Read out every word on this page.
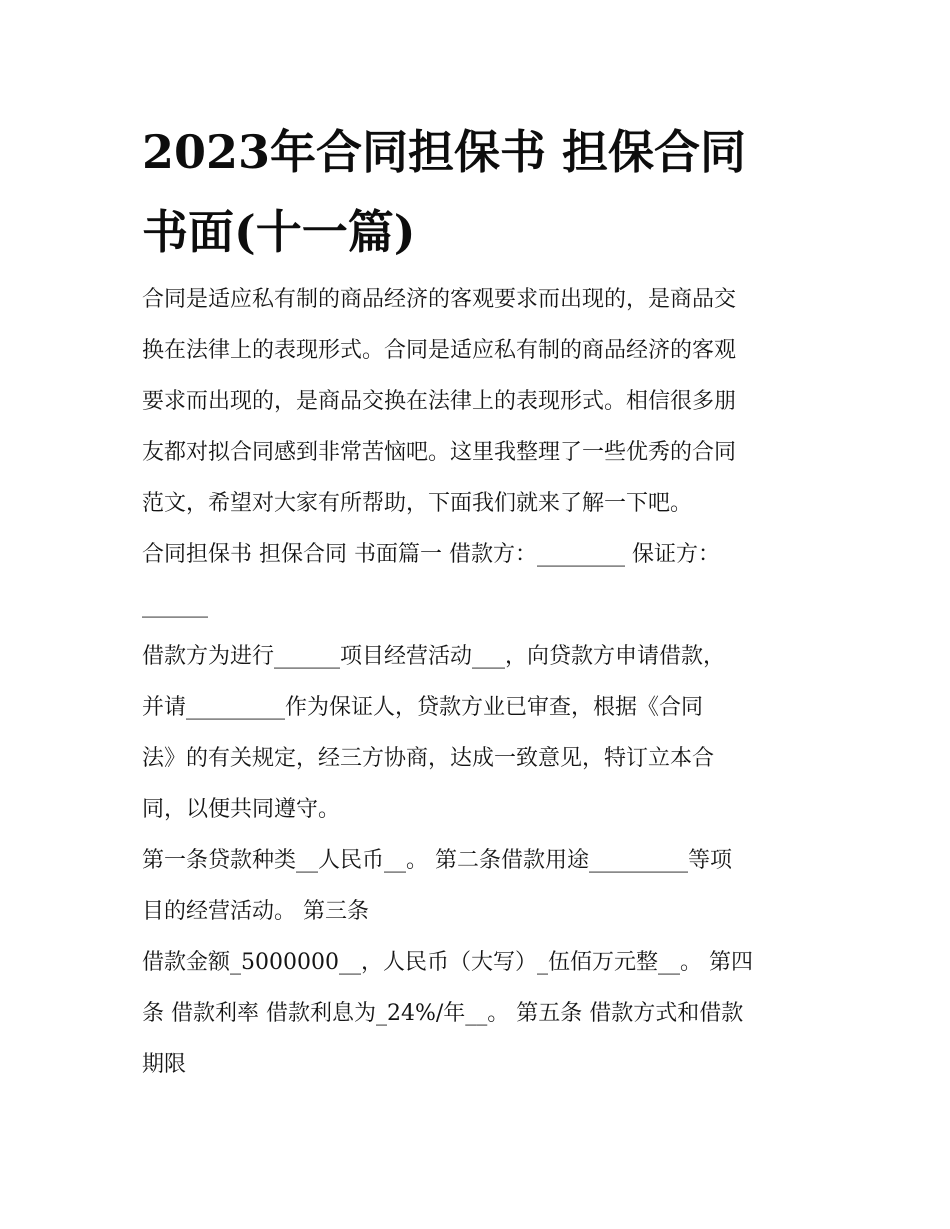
2023年合同担保书 担保合同
书面(十一篇)

合同是适应私有制的商品经济的客观要求而出现的，是商品交
换在法律上的表现形式。合同是适应私有制的商品经济的客观
要求而出现的，是商品交换在法律上的表现形式。相信很多朋
友都对拟合同感到非常苦恼吧。这里我整理了一些优秀的合同
范文，希望对大家有所帮助，下面我们就来了解一下吧。

合同担保书 担保合同 书面篇一 借款方：________ 保证方：
______

借款方为进行______项目经营活动___，向贷款方申请借款，
并请_________作为保证人，贷款方业已审查，根据《合同
法》的有关规定，经三方协商，达成一致意见，特订立本合
同，以便共同遵守。

第一条贷款种类__人民币__。 第二条借款用途_________等项
目的经营活动。 第三条

借款金额_5000000__，人民币（大写）_伍佰万元整__。 第四
条 借款利率 借款利息为_24%/年__。 第五条 借款方式和借款
期限
